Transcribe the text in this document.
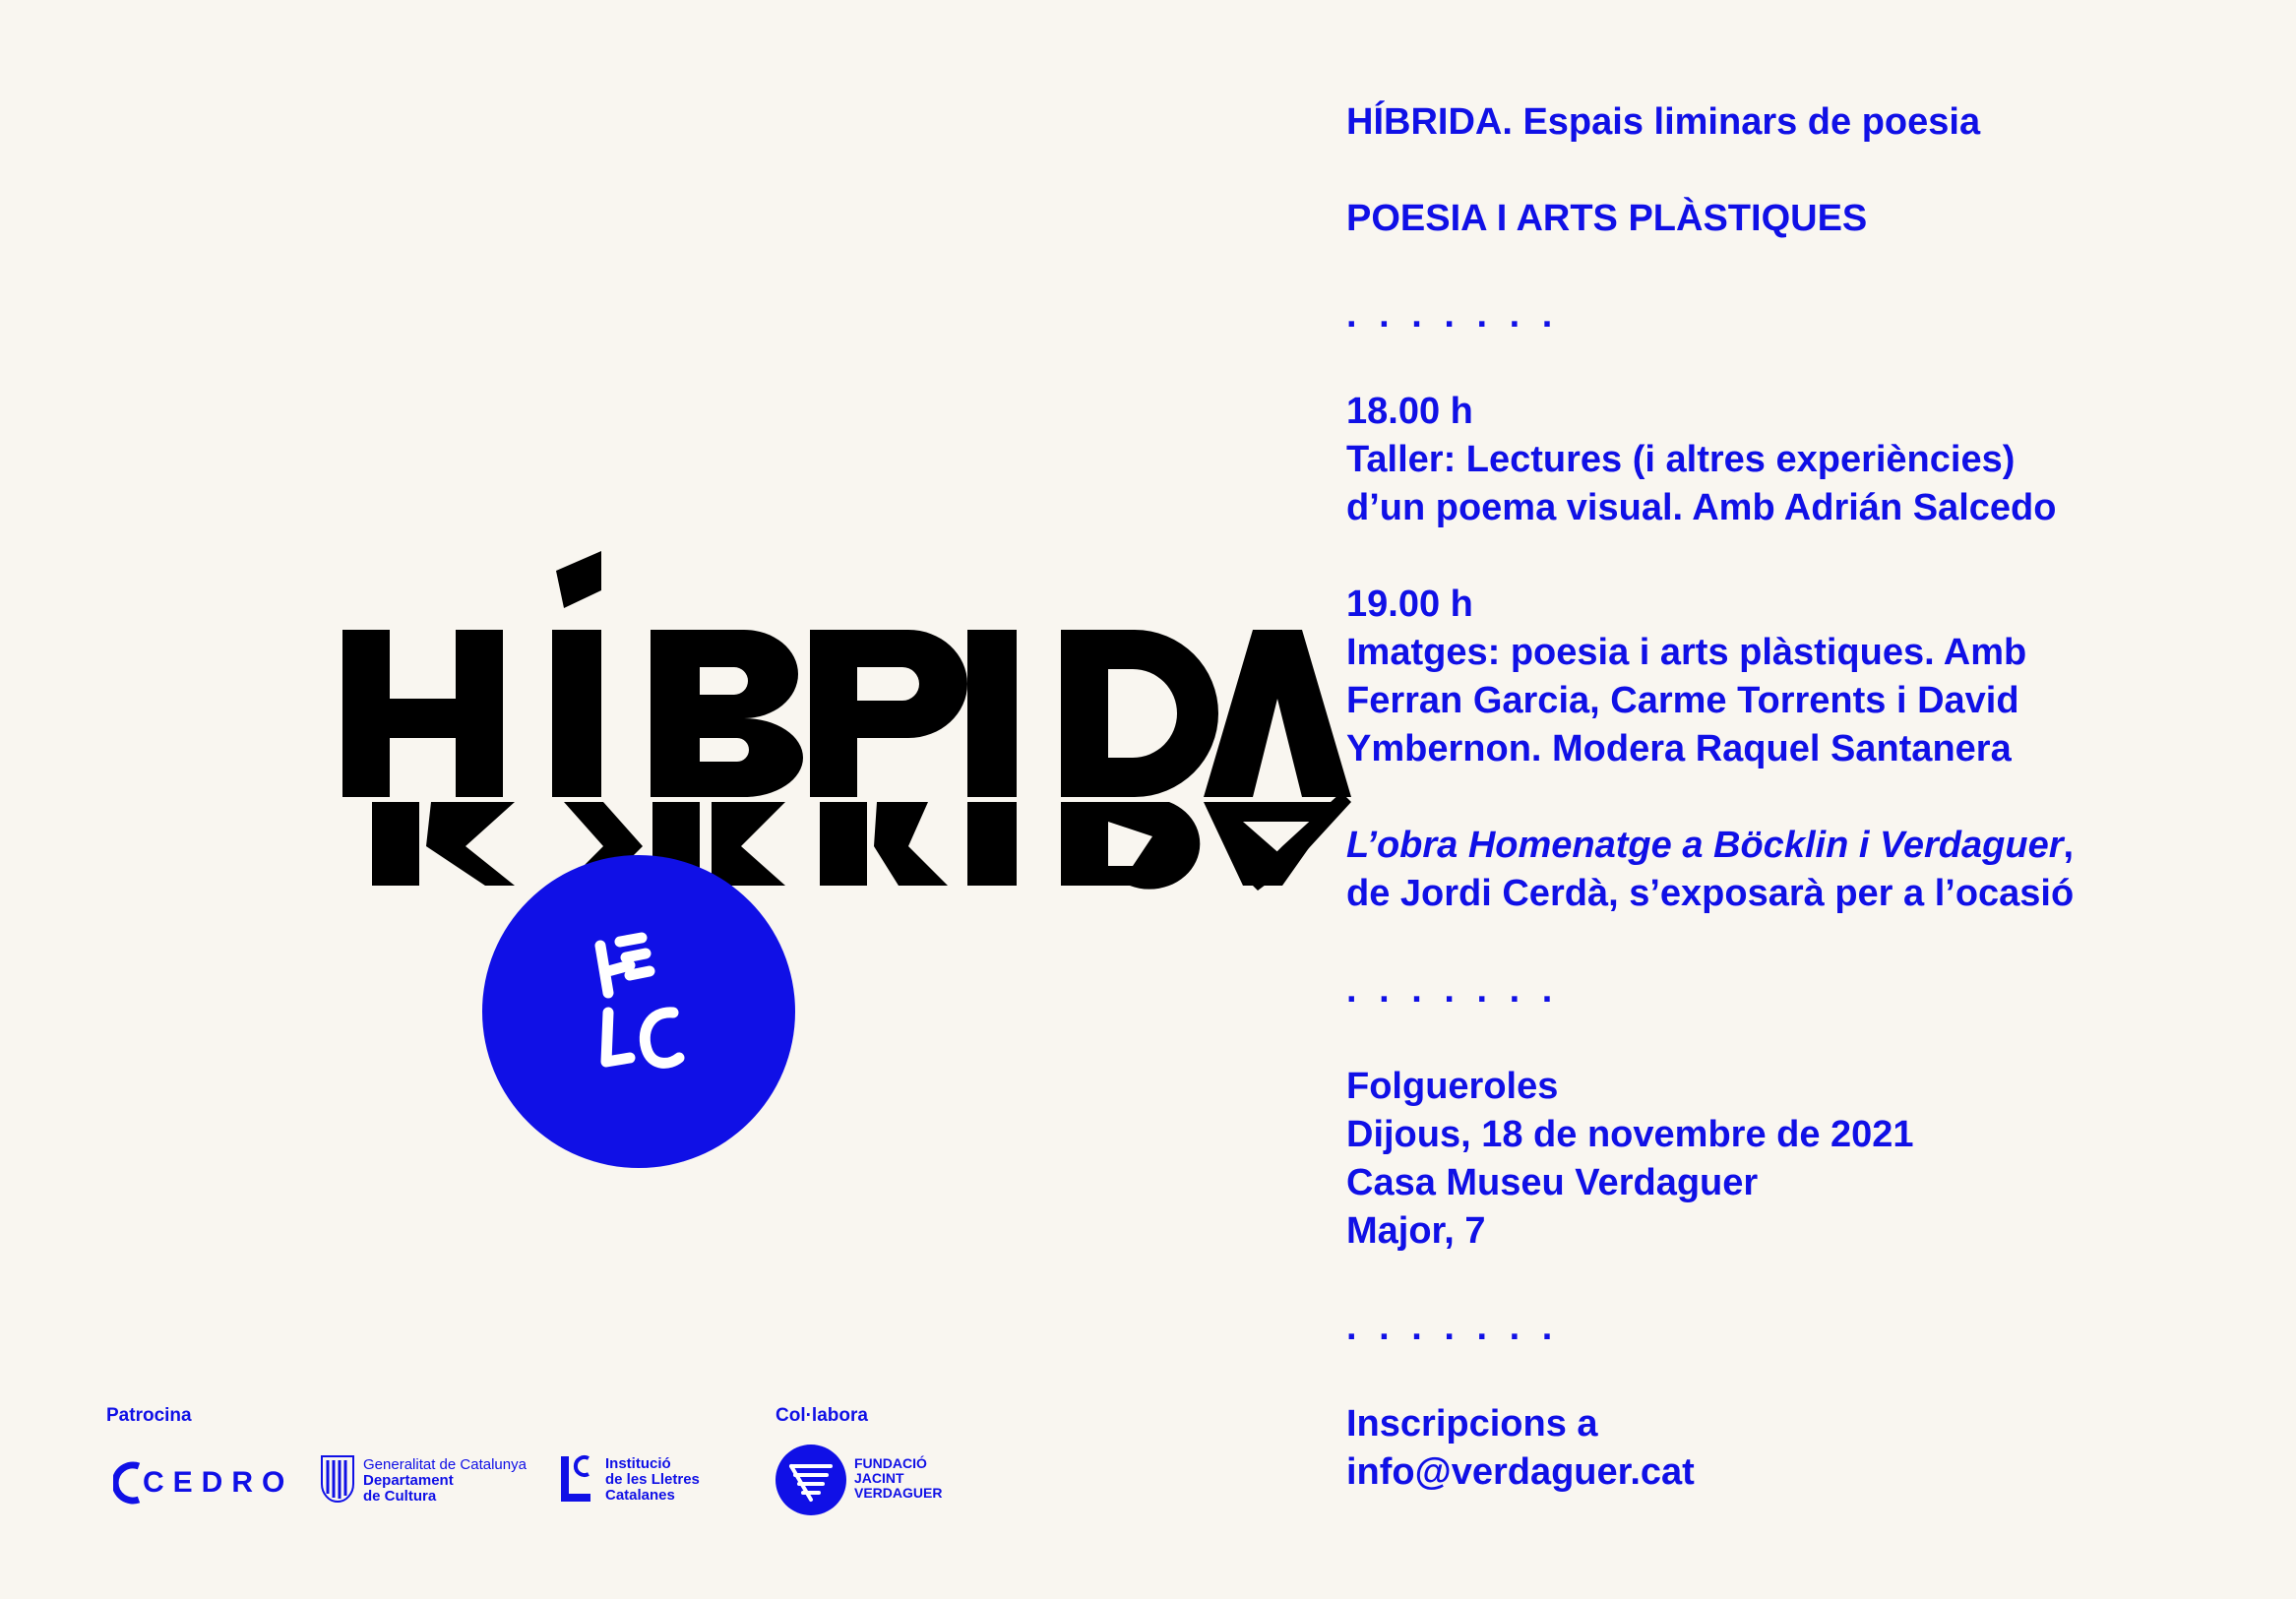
HÍBRIDA. Espais liminars de poesia

POESIA I ARTS PLÀSTIQUES

. . . . . . .

18.00 h

Taller: Lectures (i altres experiències)

d’un poema visual. Amb Adrián Salcedo

19.00 h

Imatges: poesia i arts plàstiques. Amb

Ferran Garcia, Carme Torrents i David

Ymbernon. Modera Raquel Santanera

L’obra Homenatge a Böcklin i Verdaguer,

de Jordi Cerdà, s’exposarà per a l’ocasió

. . . . . . .

Folgueroles

Dijous, 18 de novembre de 2021

Casa Museu Verdaguer

Major, 7

. . . . . . .

Inscripcions a

info@verdaguer.cat

Patrocina	Col·labora
CEDRO
Generalitat de Catalunya
Departament
de Cultura
Institució
de les Lletres
Catalanes
FUNDACIÓ
JACINT
VERDAGUER
